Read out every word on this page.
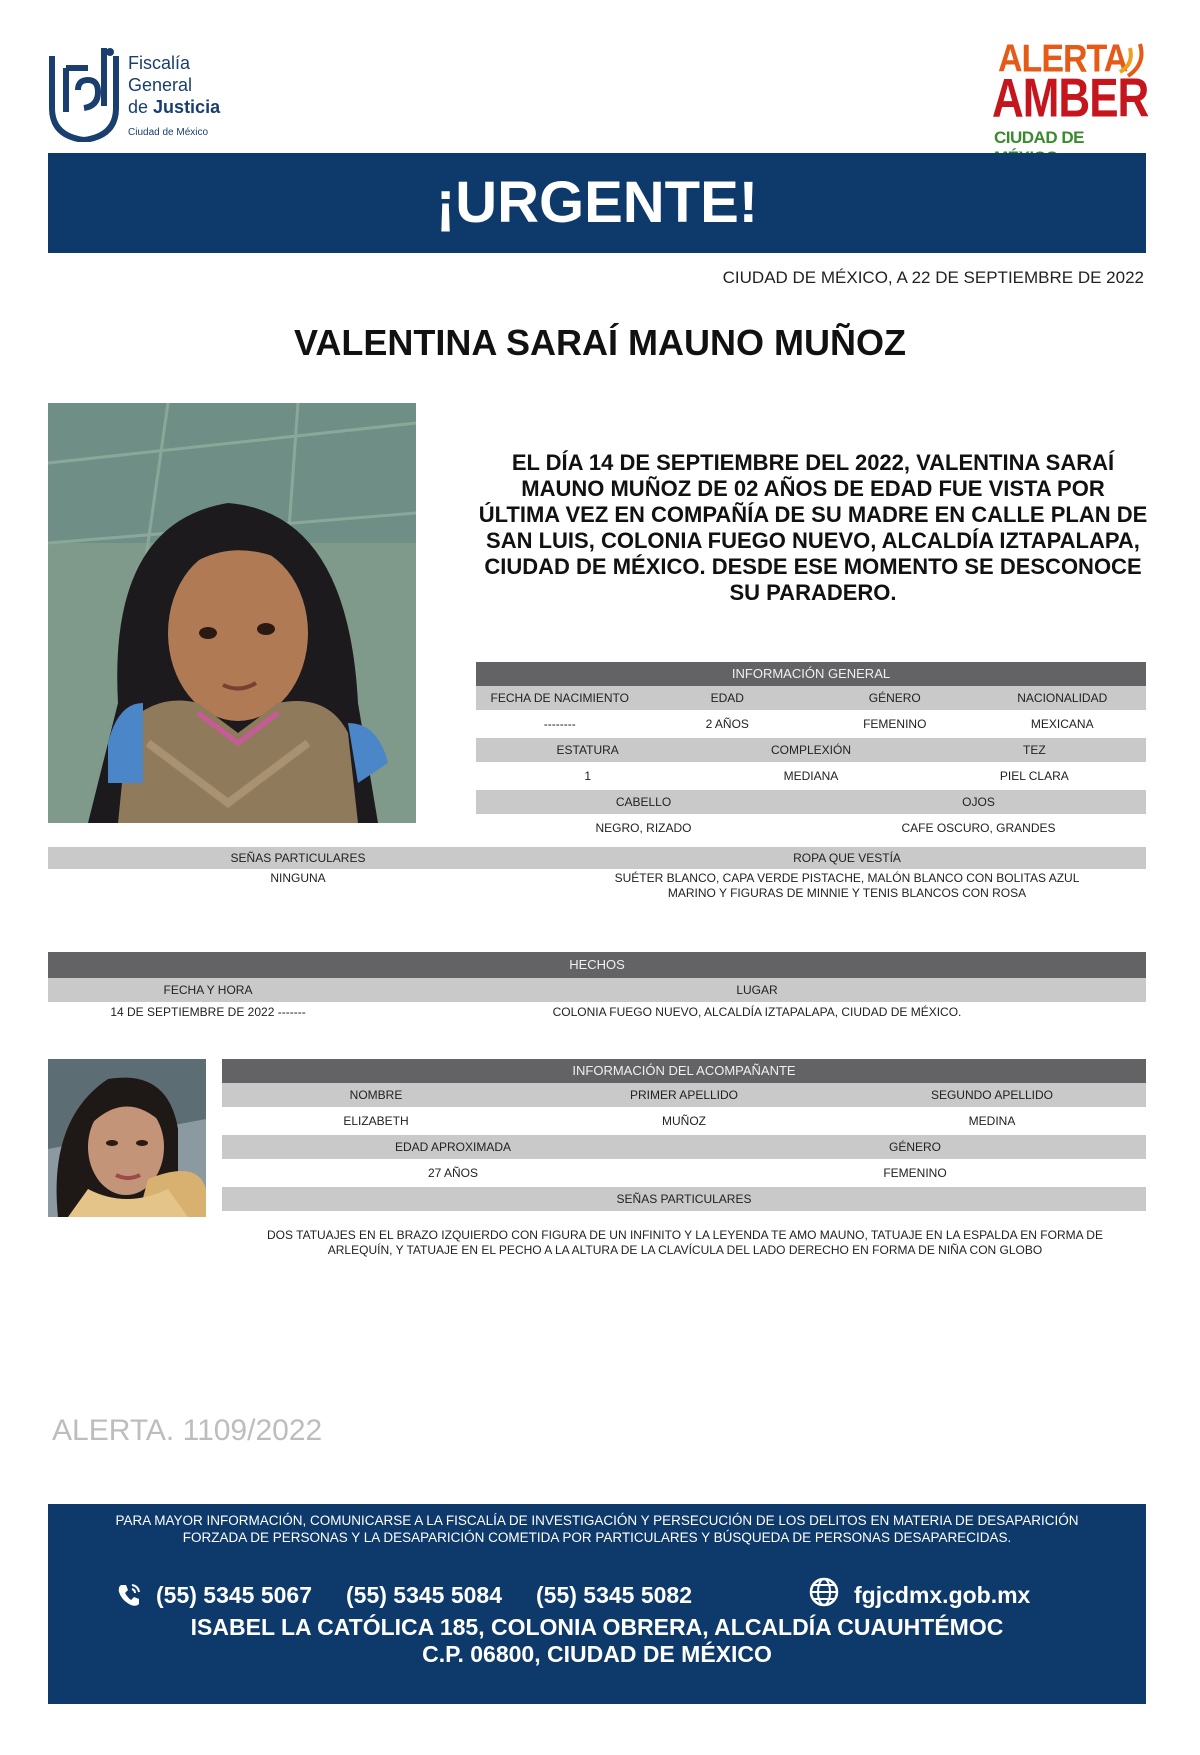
Fiscalía
General
de Justicia
Ciudad de México
ALERTA
AMBER
CIUDAD DE
¡URGENTE!
CIUDAD DE MÉXICO, A 22 DE SEPTIEMBRE DE 2022
VALENTINA SARAÍ MAUNO MUÑOZ
EL DÍA 14 DE SEPTIEMBRE DEL 2022, VALENTINA SARAÍ MAUNO MUÑOZ DE 02 AÑOS DE EDAD FUE VISTA POR ÚLTIMA VEZ EN COMPAÑÍA DE SU MADRE EN CALLE PLAN DE SAN LUIS, COLONIA FUEGO NUEVO, ALCALDÍA IZTAPALAPA, CIUDAD DE MÉXICO. DESDE ESE MOMENTO SE DESCONOCE SU PARADERO.
INFORMACIÓN GENERAL
FECHA DE NACIMIENTO	EDAD	GÉNERO	NACIONALIDAD
--------	2 AÑOS	FEMENINO	MEXICANA
ESTATURA	COMPLEXIÓN	TEZ
1	MEDIANA	PIEL CLARA
CABELLO	OJOS
NEGRO, RIZADO	CAFE OSCURO, GRANDES
SEÑAS PARTICULARES	ROPA QUE VESTÍA
NINGUNA	SUÉTER BLANCO, CAPA VERDE PISTACHE, MALÓN BLANCO CON BOLITAS AZUL
MARINO Y FIGURAS DE MINNIE Y TENIS BLANCOS CON ROSA
HECHOS
FECHA Y HORA	LUGAR
14 DE SEPTIEMBRE DE 2022 -------	COLONIA FUEGO NUEVO, ALCALDÍA IZTAPALAPA, CIUDAD DE MÉXICO.
INFORMACIÓN DEL ACOMPAÑANTE
NOMBRE	PRIMER APELLIDO	SEGUNDO APELLIDO
ELIZABETH	MUÑOZ	MEDINA
EDAD APROXIMADA	GÉNERO
27 AÑOS	FEMENINO
SEÑAS PARTICULARES
DOS TATUAJES EN EL BRAZO IZQUIERDO CON FIGURA DE UN INFINITO Y LA LEYENDA TE AMO MAUNO, TATUAJE EN LA ESPALDA EN FORMA DE
ARLEQUÍN, Y TATUAJE EN EL PECHO A LA ALTURA DE LA CLAVÍCULA DEL LADO DERECHO EN FORMA DE NIÑA CON GLOBO
ALERTA. 1109/2022
PARA MAYOR INFORMACIÓN, COMUNICARSE A LA FISCALÍA DE INVESTIGACIÓN Y PERSECUCIÓN DE LOS DELITOS EN MATERIA DE DESAPARICIÓN
FORZADA DE PERSONAS Y LA DESAPARICIÓN COMETIDA POR PARTICULARES Y BÚSQUEDA DE PERSONAS DESAPARECIDAS.
(55) 5345 5067 (55) 5345 5084 (55) 5345 5082	fgjcdmx.gob.mx
ISABEL LA CATÓLICA 185, COLONIA OBRERA, ALCALDÍA CUAUHTÉMOC
C.P. 06800, CIUDAD DE MÉXICO
